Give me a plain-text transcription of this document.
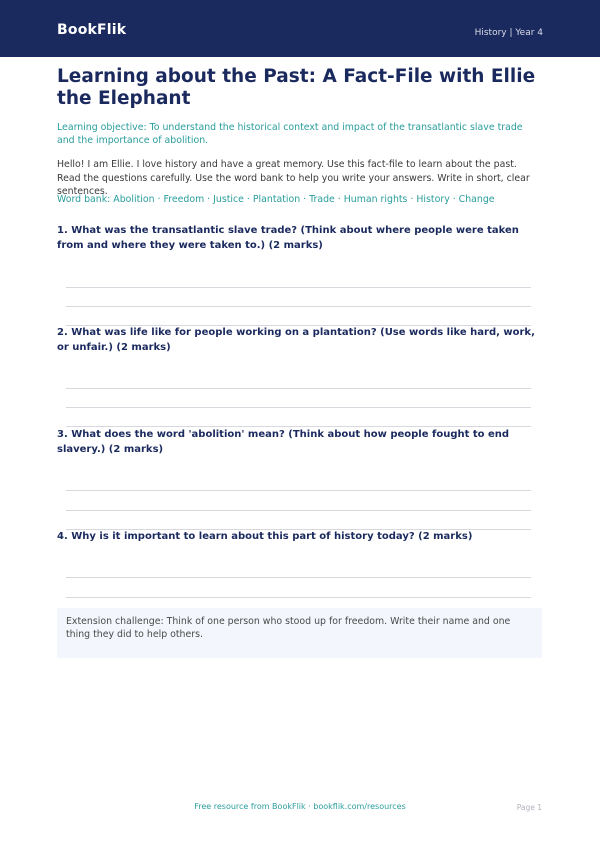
BookFlik	History | Year 4
Learning about the Past: A Fact-File with Ellie the Elephant
Learning objective: To understand the historical context and impact of the transatlantic slave trade and the importance of abolition.
Hello! I am Ellie. I love history and have a great memory. Use this fact-file to learn about the past. Read the questions carefully. Use the word bank to help you write your answers. Write in short, clear sentences.
Word bank: Abolition · Freedom · Justice · Plantation · Trade · Human rights · History · Change
1. What was the transatlantic slave trade? (Think about where people were taken from and where they were taken to.) (2 marks)
2. What was life like for people working on a plantation? (Use words like hard, work, or unfair.) (2 marks)
3. What does the word 'abolition' mean? (Think about how people fought to end slavery.) (2 marks)
4. Why is it important to learn about this part of history today? (2 marks)
Extension challenge: Think of one person who stood up for freedom. Write their name and one thing they did to help others.
Free resource from BookFlik · bookflik.com/resources	Page 1
